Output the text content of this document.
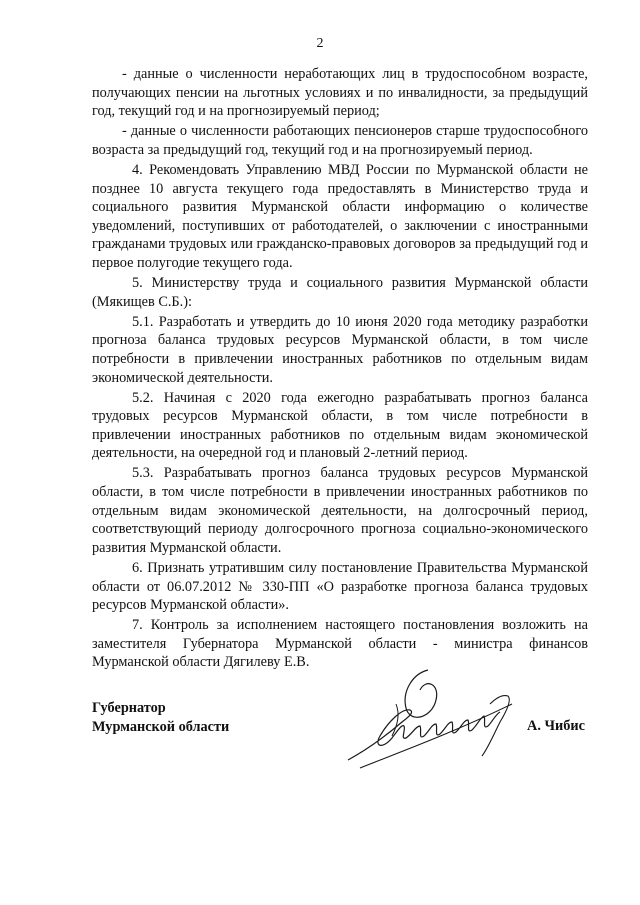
2

- данные о численности неработающих лиц в трудоспособном возрасте, получающих пенсии на льготных условиях и по инвалидности, за предыдущий год, текущий год и на прогнозируемый период;

- данные о численности работающих пенсионеров старше трудоспособного возраста за предыдущий год, текущий год и на прогнозируемый период.

4. Рекомендовать Управлению МВД России по Мурманской области не позднее 10 августа текущего года предоставлять в Министерство труда и социального развития Мурманской области информацию о количестве уведомлений, поступивших от работодателей, о заключении с иностранными гражданами трудовых или гражданско-правовых договоров за предыдущий год и первое полугодие текущего года.

5. Министерству труда и социального развития Мурманской области (Мякищев С.Б.):

5.1. Разработать и утвердить до 10 июня 2020 года методику разработки прогноза баланса трудовых ресурсов Мурманской области, в том числе потребности в привлечении иностранных работников по отдельным видам экономической деятельности.

5.2. Начиная с 2020 года ежегодно разрабатывать прогноз баланса трудовых ресурсов Мурманской области, в том числе потребности в привлечении иностранных работников по отдельным видам экономической деятельности, на очередной год и плановый 2-летний период.

5.3. Разрабатывать прогноз баланса трудовых ресурсов Мурманской области, в том числе потребности в привлечении иностранных работников по отдельным видам экономической деятельности, на долгосрочный период, соответствующий периоду долгосрочного прогноза социально-экономического развития Мурманской области.

6. Признать утратившим силу постановление Правительства Мурманской области от 06.07.2012 № 330-ПП «О разработке прогноза баланса трудовых ресурсов Мурманской области».

7. Контроль за исполнением настоящего постановления возложить на заместителя Губернатора Мурманской области - министра финансов Мурманской области Дягилеву Е.В.

Губернатор
Мурманской области	А. Чибис
